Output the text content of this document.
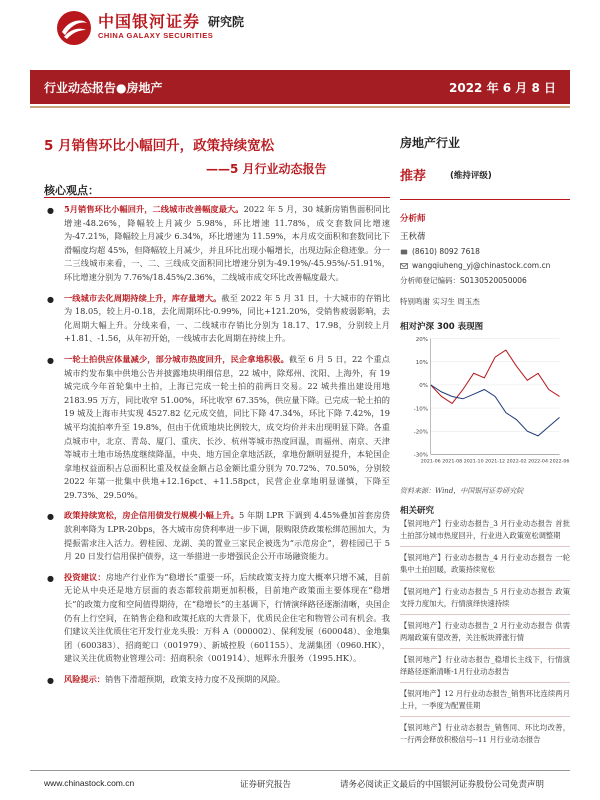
中国银河证券
CHINA GALAXY SECURITIES
研究院
行业动态报告●房地产	2022 年 6 月 8 日
5 月销售环比小幅回升，政策持续宽松
——5 月行业动态报告
核心观点：
● 5月销售环比小幅回升，二线城市改善幅度最大。2022 年 5 月，30 城新房销售面积同比增速-48.26%，降幅较上月减少 5.98%，环比增速 11.78%，成交套数同比增速为-47.21%，降幅较上月减少 6.34%，环比增速为 11.59%，本月成交面积和套数同比下滑幅度均超 45%，但降幅较上月减少，并且环比出现小幅增长，出现边际企稳迹象。分一二三线城市来看，一、二、三线成交面积同比增速分别为-49.19%/-45.95%/-51.91%，环比增速分别为 7.76%/18.45%/2.36%，二线城市成交环比改善幅度最大。
● 一线城市去化周期持续上升，库存量增大。截至 2022 年 5 月 31 日，十大城市的存销比为 18.05，较上月-0.18，去化周期环比-0.99%，同比+121.20%，受销售疲弱影响，去化周期大幅上升。分线来看，一、二线城市存销比分别为 18.17、17.98，分别较上月+1.81、-1.56，从年初开始，一线城市去化周期在持续上升。
● 一轮土拍供应体量减少，部分城市热度回升，民企拿地积极。截至 6 月 5 日，22 个重点城市约发布集中供地公告并披露地块明细信息，22 城中，除郑州、沈阳、上海外，有 19 城完成今年首轮集中土拍，上海已完成一轮土拍的前两日交易。22 城共推出建设用地 2183.95 万方，同比收窄 51.00%，环比收窄 67.35%，供应量下降。已完成一轮土拍的 19 城及上海市共实现 4527.82 亿元成交值，同比下降 47.34%，环比下降 7.42%，19 城平均流拍率升至 19.8%，但由于优质地块比例较大，成交均价并未出现明显下降。各重点城市中，北京、青岛、厦门、重庆、长沙、杭州等城市热度回温，而福州、南京、天津等城市土地市场热度继续降温，中央、地方国企拿地活跃，拿地份额明显提升，本轮国企拿地权益面积占总面积比重及权益金额占总金额比重分别为 70.72%、70.50%，分别较 2022 年第一批集中供地+12.16pct、+11.58pct，民营企业拿地明显谨慎，下降至 29.73%、29.50%。
● 政策持续宽松，房企信用债发行规模小幅上升。5 年期 LPR 下调到 4.45%叠加首套房贷款利率降为 LPR-20bps，各大城市房贷利率进一步下调，限购限贷政策松绑范围加大，为提振需求注入活力。碧桂园、龙湖、美的置业三家民企被选为“示范房企”，碧桂园已于 5 月 20 日发行信用保护债券，这一举措进一步增强民企公开市场融资能力。
● 投资建议：房地产行业作为“稳增长”重要一环，后续政策支持力度大概率只增不减，目前无论从中央还是地方层面的表态都较前期更加积极，目前地产政策面主要体现在“稳增长”的政策力度和空间值得期待，在“稳增长”的主基调下，行情演绎路径逐渐清晰，央国企仍有上行空间，在销售企稳和政策托底的大背景下，优质民企住宅和物管公司有机会。我们建议关注优质住宅开发行业龙头股：万科 A（000002）、保利发展（600048）、金地集团（600383）、招商蛇口（001979）、新城控股（601155）、龙湖集团（0960.HK），建议关注优质物业管理公司：招商积余（001914）、旭辉永升服务（1995.HK）。
● 风险提示：销售下滑超预期，政策支持力度不及预期的风险。
房地产行业
推荐	(维持评级)
分析师
王秋蒨
(8610) 8092 7618
wangqiuheng_yj@chinastock.com.cn
分析师登记编码：S0130520050006
特别鸣谢 实习生 周玉杰
相对沪深 300 表现图
-30%
-20%
-10%
0%
10%
20%
2021-06 2021-08 2021-10 2021-12 2022-02 2022-04 2022-06
资料来源：Wind，中国银河证券研究院
相关研究
【银河地产】行业动态报告_3 月行业动态报告 首批土拍部分城市热度回升，行业进入政策宽松调整期
【银河地产】行业动态报告_4 月行业动态报告 一轮集中土拍回暖，政策持续宽松
【银河地产】行业动态报告_5 月行业动态报告 政策支持力度加大，行情演绎快速持续
【银河地产】行业动态报告_2 月行业动态报告 供需两端政策有望改善，关注板块滞涨行情
【银河地产】行业动态报告_稳增长主线下，行情演绎路径逐渐清晰-1月行业动态报告
【银河地产】12 月行业动态报告_销售环比连续两月上升，一季度为配置佳期
【银河地产】行业动态报告_销售同、环比均改善，一行两会释放积极信号--11 月行业动态报告
www.chinastock.com.cn	证券研究报告	请务必阅读正文最后的中国银河证券股份公司免责声明
